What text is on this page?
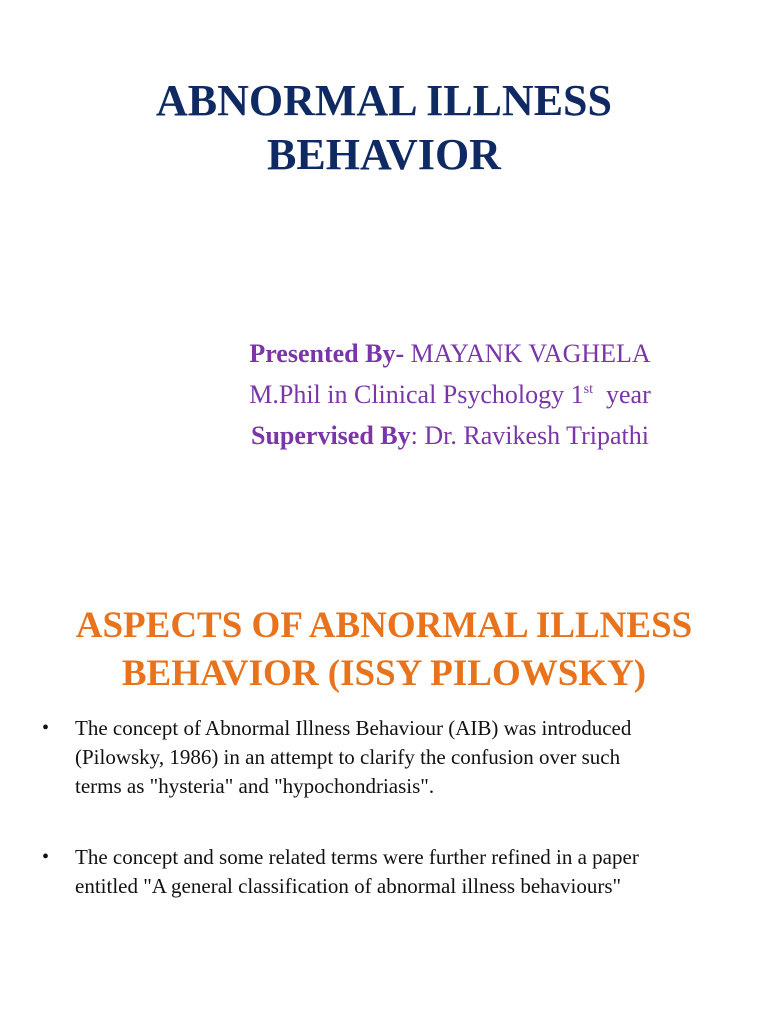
ABNORMAL ILLNESS
BEHAVIOR
Presented By- MAYANK VAGHELA
M.Phil in Clinical Psychology 1st  year
Supervised By: Dr. Ravikesh Tripathi
ASPECTS OF ABNORMAL ILLNESS
BEHAVIOR (ISSY PILOWSKY)
• The concept of Abnormal Illness Behaviour (AIB) was introduced
(Pilowsky, 1986) in an attempt to clarify the confusion over such
terms as "hysteria" and "hypochondriasis".
• The concept and some related terms were further refined in a paper
entitled "A general classification of abnormal illness behaviours"
